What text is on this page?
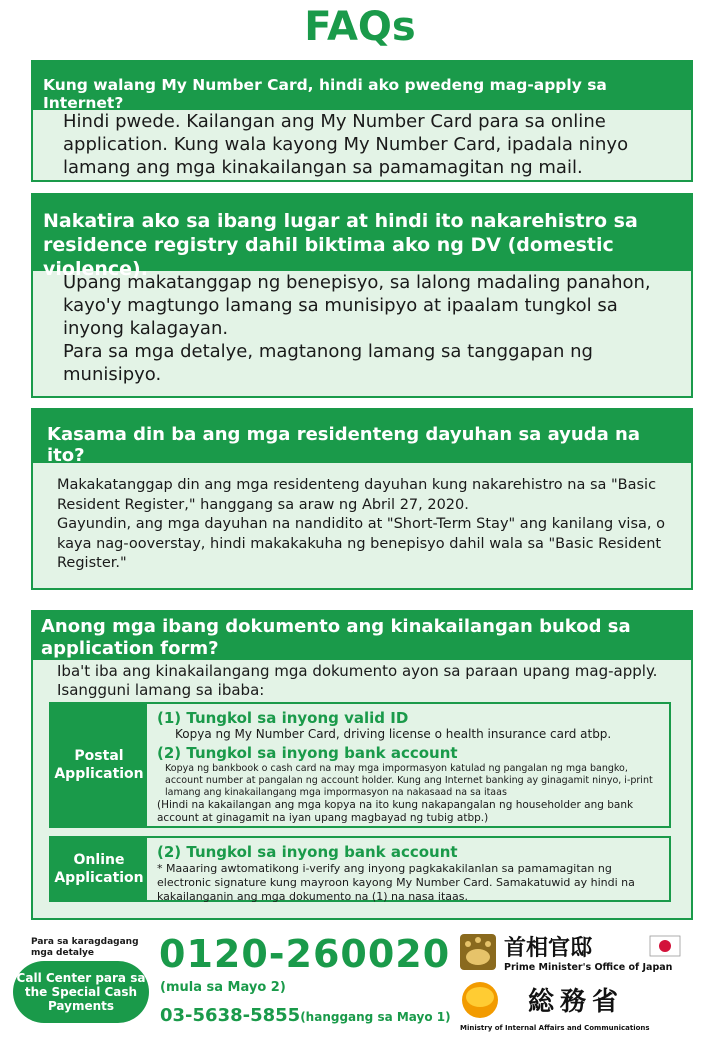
FAQs
Kung walang My Number Card, hindi ako pwedeng mag-apply sa Internet?

Hindi pwede. Kailangan ang My Number Card para sa online application. Kung wala kayong My Number Card, ipadala ninyo lamang ang mga kinakailangan sa pamamagitan ng mail.

Nakatira ako sa ibang lugar at hindi ito nakarehistro sa residence registry dahil biktima ako ng DV (domestic violence).

Upang makatanggap ng benepisyo, sa lalong madaling panahon, kayo'y magtungo lamang sa munisipyo at ipaalam tungkol sa inyong kalagayan.

Para sa mga detalye, magtanong lamang sa tanggapan ng munisipyo.

Kasama din ba ang mga residenteng dayuhan sa ayuda na ito?

Makakatanggap din ang mga residenteng dayuhan kung nakarehistro na sa "Basic Resident Register," hanggang sa araw ng Abril 27, 2020.

Gayundin, ang mga dayuhan na nandidito at "Short-Term Stay" ang kanilang visa, o kaya nag-ooverstay, hindi makakakuha ng benepisyo dahil wala sa "Basic Resident Register."

Anong mga ibang dokumento ang kinakailangan bukod sa application form?
Iba't iba ang kinakailangang mga dokumento ayon sa paraan upang mag-apply. Isangguni lamang sa ibaba:
Postal Application
(1) Tungkol sa inyong valid ID
Kopya ng My Number Card, driving license o health insurance card atbp.
(2) Tungkol sa inyong bank account
Kopya ng bankbook o cash card na may mga impormasyon katulad ng pangalan ng mga bangko, account number at pangalan ng account holder. Kung ang Internet banking ay ginagamit ninyo, i-print lamang ang kinakailangang mga impormasyon na nakasaad na sa itaas
(Hindi na kakailangan ang mga kopya na ito kung nakapangalan ng householder ang bank account at ginagamit na iyan upang magbayad ng tubig atbp.)
Online Application
(2) Tungkol sa inyong bank account
* Maaaring awtomatikong i-verify ang inyong pagkakakilanlan sa pamamagitan ng electronic signature kung mayroon kayong My Number Card. Samakatuwid ay hindi na kakailanganin ang mga dokumento na (1) na nasa itaas.
Para sa karagdagang mga detalye
Call Center para sa the Special Cash Payments
0120-260020
(mula sa Mayo 2)
03-5638-5855(hanggang sa Mayo 1)
首相官邸
Prime Minister's Office of Japan
総務省
Ministry of Internal Affairs and Communications
